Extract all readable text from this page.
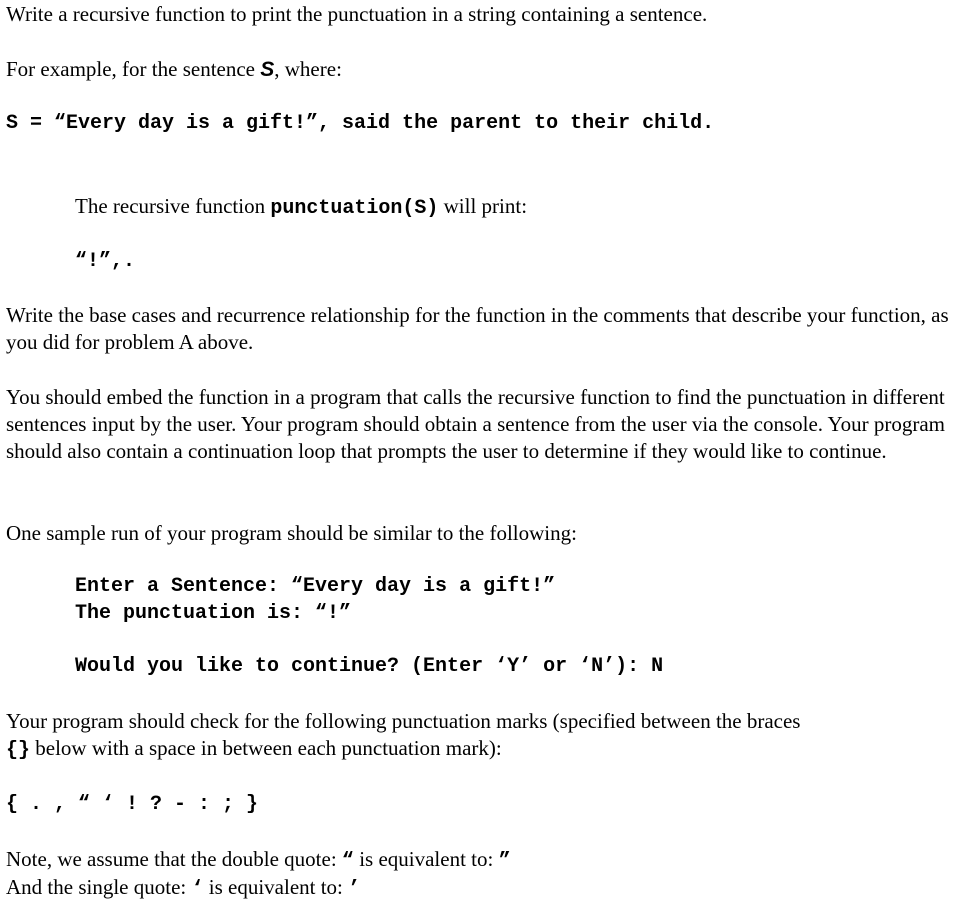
Write a recursive function to print the punctuation in a string containing a sentence.
For example, for the sentence S, where:
S = “Every day is a gift!”, said the parent to their child.
The recursive function punctuation(S) will print:
“!”,.
Write the base cases and recurrence relationship for the function in the comments that describe your function, as you did for problem A above.
You should embed the function in a program that calls the recursive function to find the punctuation in different sentences input by the user. Your program should obtain a sentence from the user via the console. Your program should also contain a continuation loop that prompts the user to determine if they would like to continue.
One sample run of your program should be similar to the following:
Enter a Sentence: “Every day is a gift!”
The punctuation is: “!”
Would you like to continue? (Enter ‘Y’ or ‘N’): N
Your program should check for the following punctuation marks (specified between the braces
{} below with a space in between each punctuation mark):
{ . , “ ‘ ! ? - : ; }
Note, we assume that the double quote: “ is equivalent to: ”
And the single quote: ‘ is equivalent to: ’
